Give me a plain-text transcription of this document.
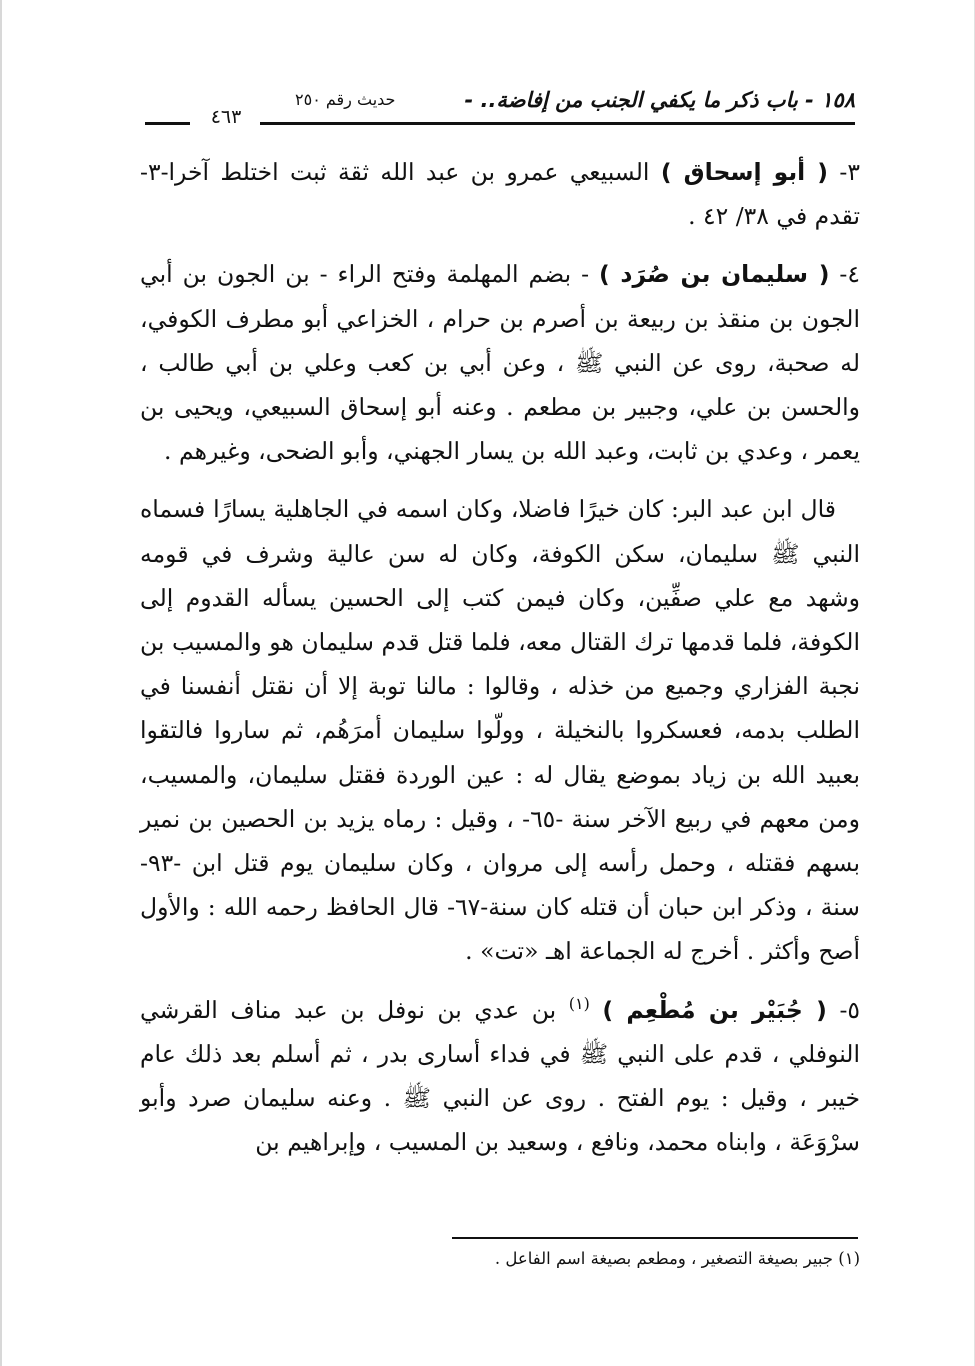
١٥٨ - باب ذكر ما يكفي الجنب من إفاضة.. -
حديث رقم ٢٥٠
٤٦٣

٣- ( أبو إسحاق ) السبيعي عمرو بن عبد الله ثقة ثبت اختلط آخرا-٣- تقدم في ٣٨/ ٤٢ .

٤- ( سليمان بن صُرَد ) - بضم المهلمة وفتح الراء - بن الجون بن أبي الجون بن منقذ بن ربيعة بن أصرم بن حرام ، الخزاعي أبو مطرف الكوفي، له صحبة، روى عن النبي ﷺ ، وعن أبي بن كعب وعلي بن أبي طالب ، والحسن بن علي، وجبير بن مطعم . وعنه أبو إسحاق السبيعي، ويحيى بن يعمر ، وعدي بن ثابت، وعبد الله بن يسار الجهني، وأبو الضحى، وغيرهم .

قال ابن عبد البر: كان خيرًا فاضلا، وكان اسمه في الجاهلية يسارًا فسماه النبي ﷺ سليمان، سكن الكوفة، وكان له سن عالية وشرف في قومه وشهد مع علي صفِّين، وكان فيمن كتب إلى الحسين يسأله القدوم إلى الكوفة، فلما قدمها ترك القتال معه، فلما قتل قدم سليمان هو والمسيب بن نجبة الفزاري وجميع من خذله ، وقالوا : مالنا توبة إلا أن نقتل أنفسنا في الطلب بدمه، فعسكروا بالنخيلة ، وولّوا سليمان أمرَهُم، ثم ساروا فالتقوا بعبيد الله بن زياد بموضع يقال له : عين الوردة فقتل سليمان، والمسيب، ومن معهم في ربيع الآخر سنة -٦٥- ، وقيل : رماه يزيد بن الحصين بن نمير بسهم فقتله ، وحمل رأسه إلى مروان ، وكان سليمان يوم قتل ابن -٩٣- سنة ، وذكر ابن حبان أن قتله كان سنة-٦٧- قال الحافظ رحمه الله : والأول أصح وأكثر . أخرج له الجماعة اهـ «تت» .

٥- ( جُبَيْر بن مُطْعِم ) $^{(١)}$ بن عدي بن نوفل بن عبد مناف القرشي النوفلي ، قدم على النبي ﷺ في فداء أسارى بدر ، ثم أسلم بعد ذلك عام خيبر ، وقيل : يوم الفتح . روى عن النبي ﷺ . وعنه سليمان صرد وأبو سرْوَعَة ، وابناه محمد، ونافع ، وسعيد بن المسيب ، وإبراهيم بن

(١) جبير بصيغة التصغير ، ومطعم بصيغة اسم الفاعل .
